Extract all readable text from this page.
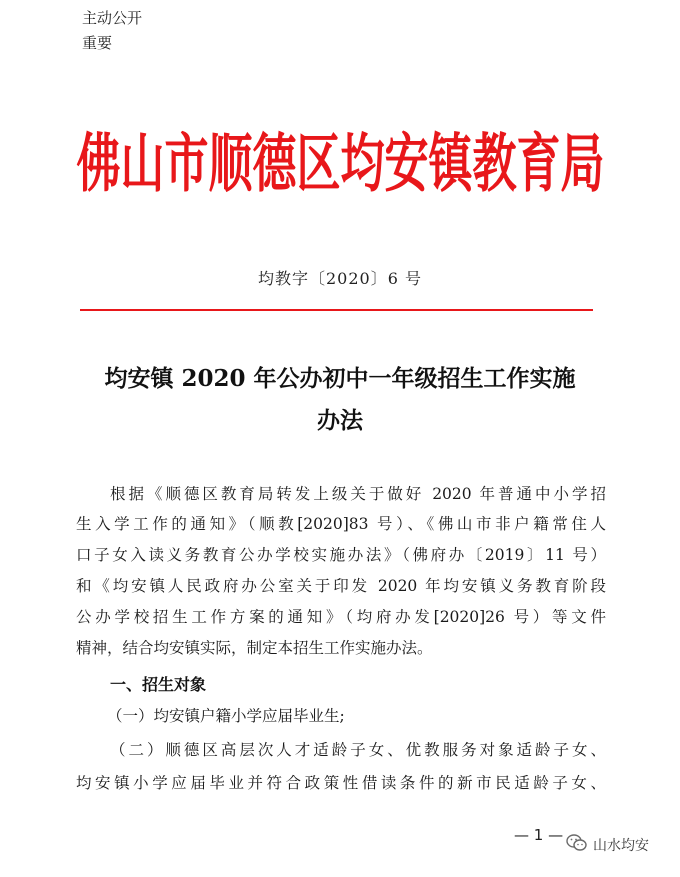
主动公开
重要
佛山市顺德区均安镇教育局
均教字〔2020〕6 号
均安镇 2020 年公办初中一年级招生工作实施
办法
根据《顺德区教育局转发上级关于做好 2020 年普通中小学招
生入学工作的通知》（顺教[2020]83 号）、《佛山市非户籍常住人
口子女入读义务教育公办学校实施办法》（佛府办〔2019〕11 号）
和《均安镇人民政府办公室关于印发 2020 年均安镇义务教育阶段
公办学校招生工作方案的通知》（均府办发[2020]26 号）等文件
精神，结合均安镇实际，制定本招生工作实施办法。
一、招生对象
（一）均安镇户籍小学应届毕业生;
（二）顺德区高层次人才适龄子女、优教服务对象适龄子女、
均安镇小学应届毕业并符合政策性借读条件的新市民适龄子女、
— 1 —
山水均安
